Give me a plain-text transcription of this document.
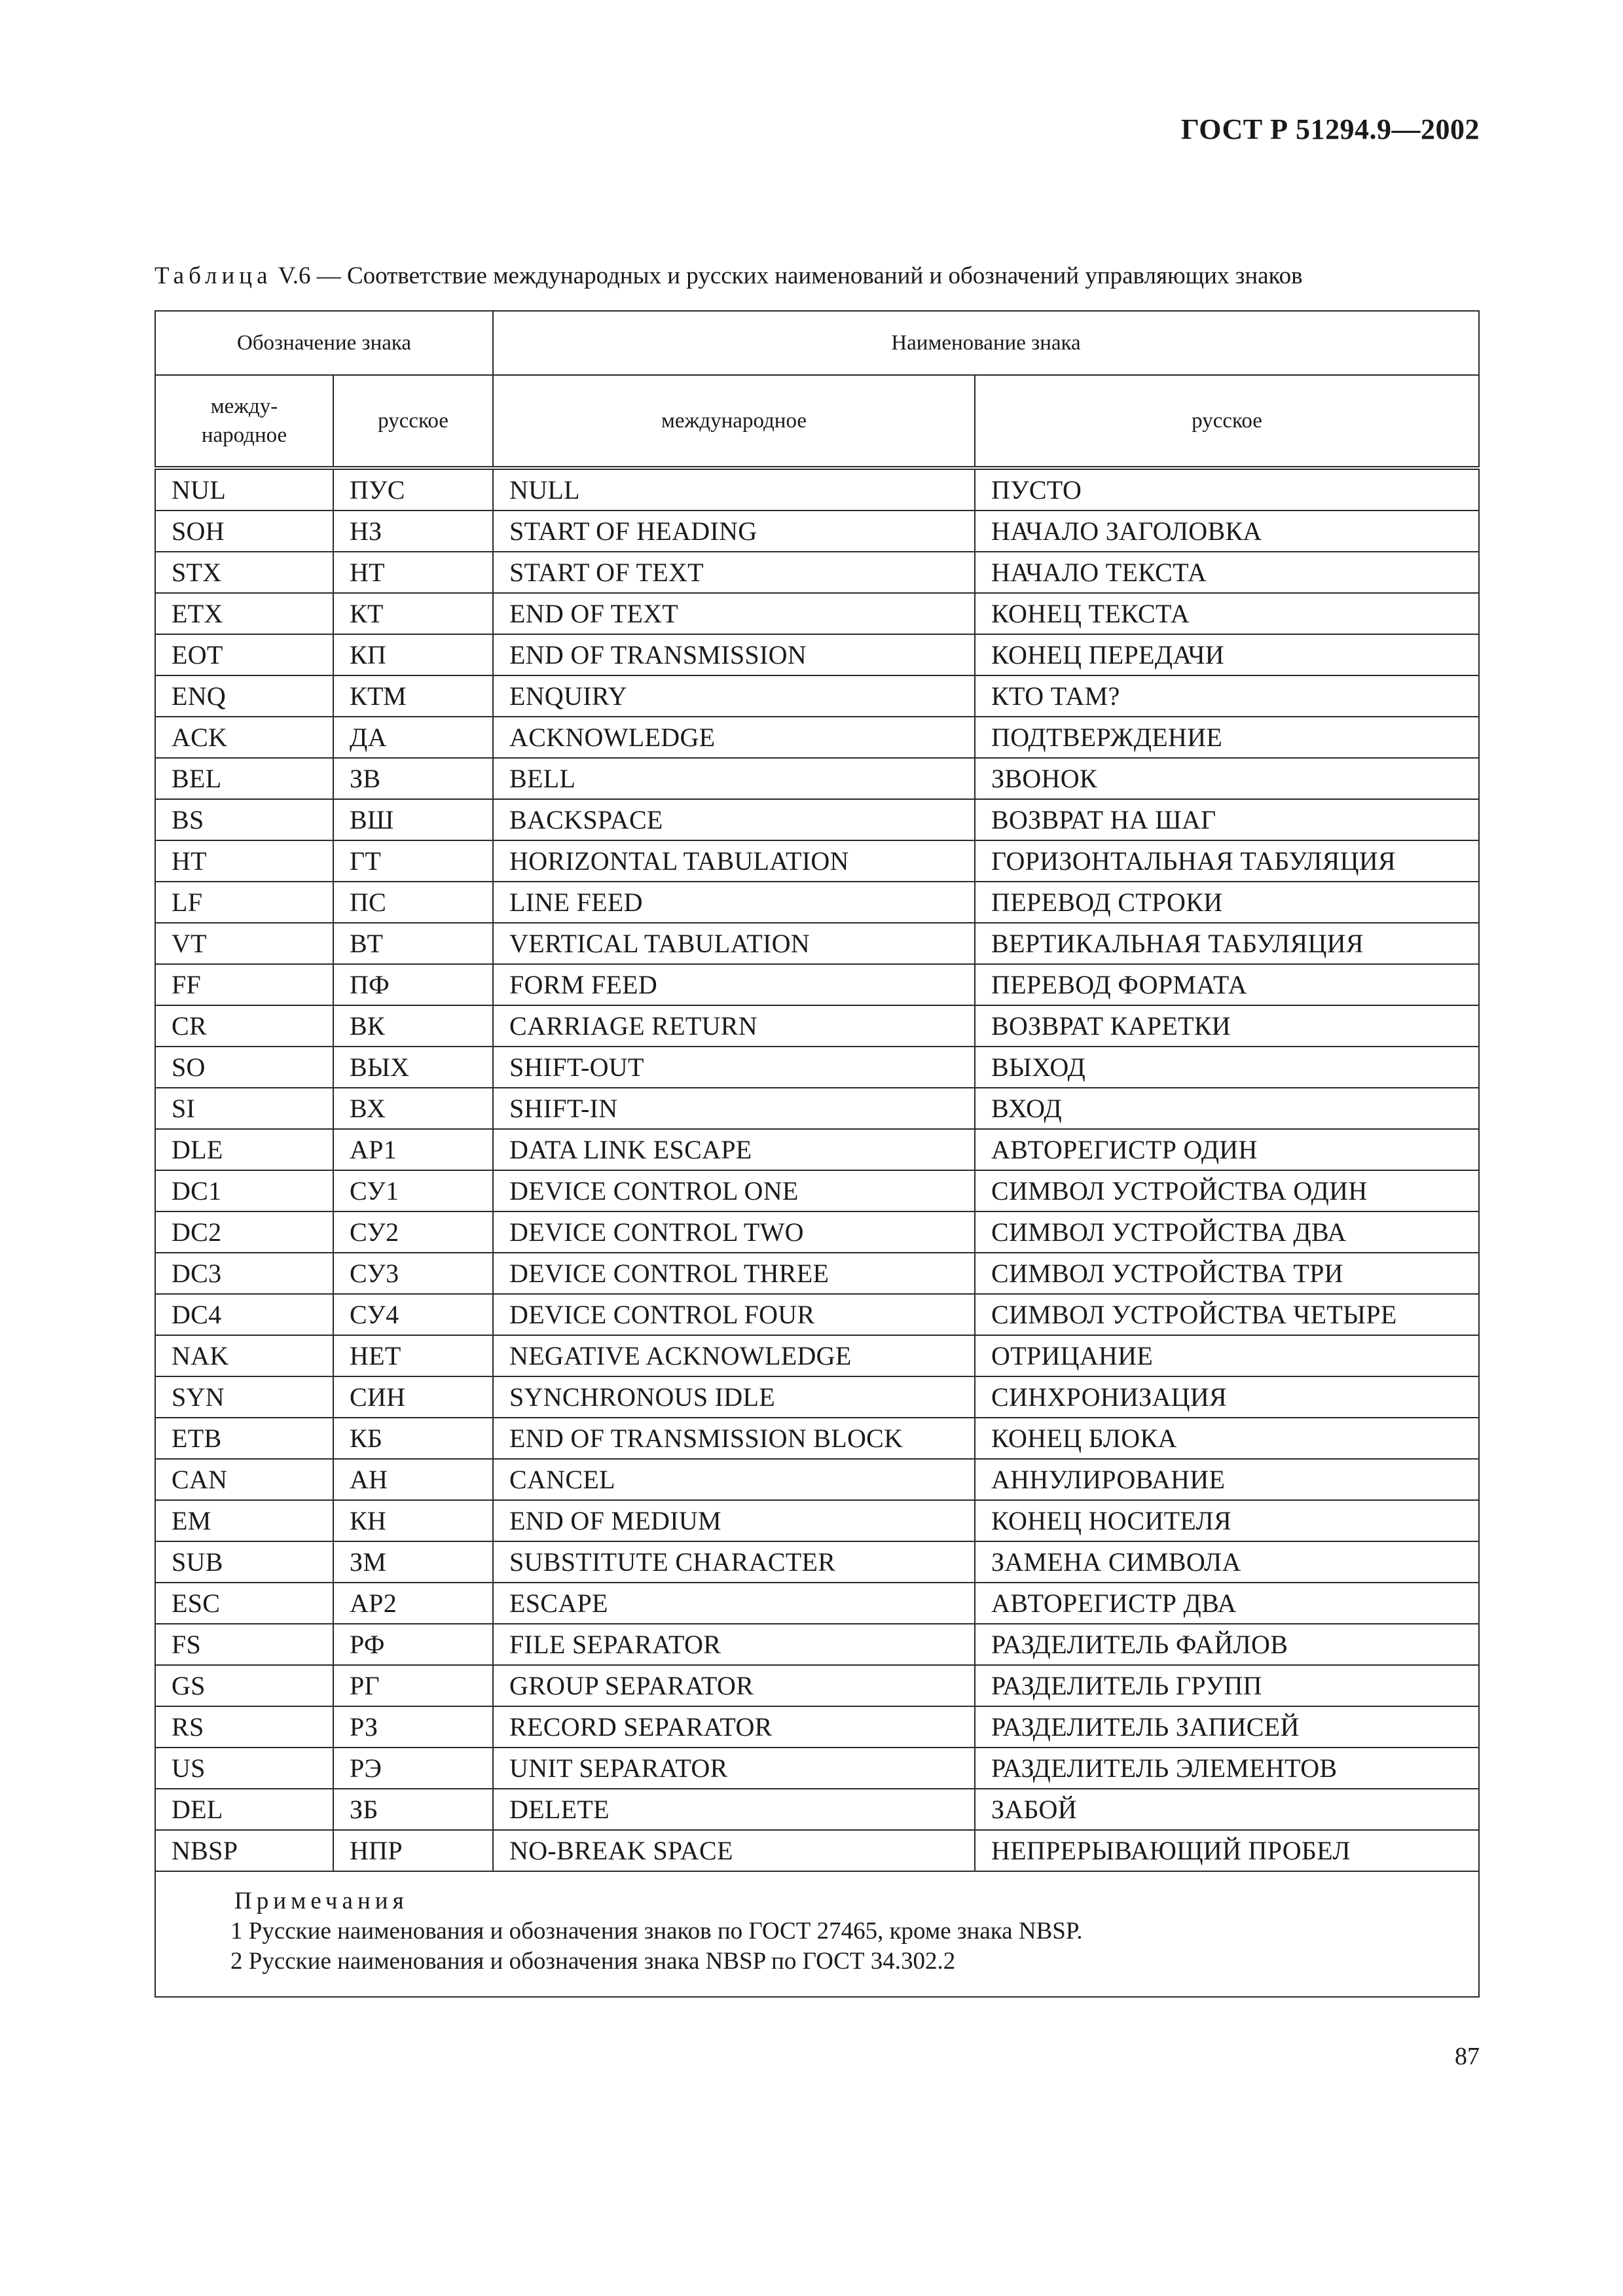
ГОСТ Р 51294.9—2002
Таблица V.6 — Соответствие международных и русских наименований и обозначений управляющих знаков
Обозначение знака		Наименование знака	
между-
народное	русское	международное	русское
NUL	ПУС	NULL	ПУСТО
SOH	НЗ	START OF HEADING	НАЧАЛО ЗАГОЛОВКА
STX	НТ	START OF TEXT	НАЧАЛО ТЕКСТА
ETX	КТ	END OF TEXT	КОНЕЦ ТЕКСТА
EOT	КП	END OF TRANSMISSION	КОНЕЦ ПЕРЕДАЧИ
ENQ	КТМ	ENQUIRY	КТО ТАМ?
ACK	ДА	ACKNOWLEDGE	ПОДТВЕРЖДЕНИЕ
BEL	ЗВ	BELL	ЗВОНОК
BS	ВШ	BACKSPACE	ВОЗВРАТ НА ШАГ
HT	ГТ	HORIZONTAL TABULATION	ГОРИЗОНТАЛЬНАЯ ТАБУЛЯЦИЯ
LF	ПС	LINE FEED	ПЕРЕВОД СТРОКИ
VT	ВТ	VERTICAL TABULATION	ВЕРТИКАЛЬНАЯ ТАБУЛЯЦИЯ
FF	ПФ	FORM FEED	ПЕРЕВОД ФОРМАТА
CR	ВК	CARRIAGE RETURN	ВОЗВРАТ КАРЕТКИ
SO	ВЫХ	SHIFT-OUT	ВЫХОД
SI	ВХ	SHIFT-IN	ВХОД
DLE	АР1	DATA LINK ESCAPE	АВТОРЕГИСТР ОДИН
DC1	СУ1	DEVICE CONTROL ONE	СИМВОЛ УСТРОЙСТВА ОДИН
DC2	СУ2	DEVICE CONTROL TWO	СИМВОЛ УСТРОЙСТВА ДВА
DC3	СУ3	DEVICE CONTROL THREE	СИМВОЛ УСТРОЙСТВА ТРИ
DC4	СУ4	DEVICE CONTROL FOUR	СИМВОЛ УСТРОЙСТВА ЧЕТЫРЕ
NAK	НЕТ	NEGATIVE ACKNOWLEDGE	ОТРИЦАНИЕ
SYN	СИН	SYNCHRONOUS IDLE	СИНХРОНИЗАЦИЯ
ETB	КБ	END OF TRANSMISSION BLOCK	КОНЕЦ БЛОКА
CAN	АН	CANCEL	АННУЛИРОВАНИЕ
EM	КН	END OF MEDIUM	КОНЕЦ НОСИТЕЛЯ
SUB	ЗМ	SUBSTITUTE CHARACTER	ЗАМЕНА СИМВОЛА
ESC	АР2	ESCAPE	АВТОРЕГИСТР ДВА
FS	РФ	FILE SEPARATOR	РАЗДЕЛИТЕЛЬ ФАЙЛОВ
GS	РГ	GROUP SEPARATOR	РАЗДЕЛИТЕЛЬ ГРУПП
RS	РЗ	RECORD SEPARATOR	РАЗДЕЛИТЕЛЬ ЗАПИСЕЙ
US	РЭ	UNIT SEPARATOR	РАЗДЕЛИТЕЛЬ ЭЛЕМЕНТОВ
DEL	ЗБ	DELETE	ЗАБОЙ
NBSP	НПР	NO-BREAK SPACE	НЕПРЕРЫВАЮЩИЙ ПРОБЕЛ

Примечания
1 Русские наименования и обозначения знаков по ГОСТ 27465, кроме знака NBSP.
2 Русские наименования и обозначения знака NBSP по ГОСТ 34.302.2			
87
